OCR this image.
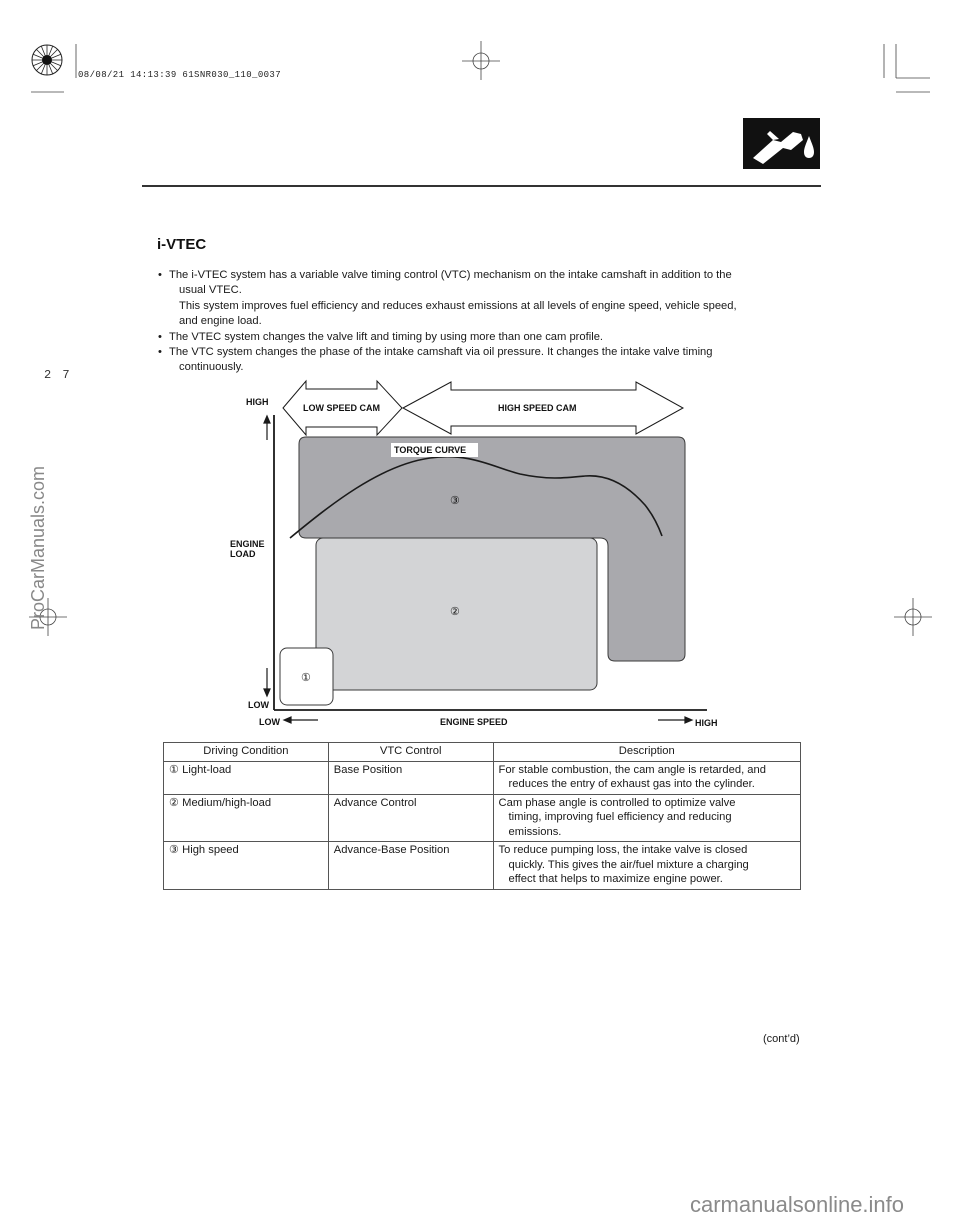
08/08/21 14:13:39 61SNR030_110_0037
2 7
ProCarManuals.com
i-VTEC
• The i-VTEC system has a variable valve timing control (VTC) mechanism on the intake camshaft in addition to the
usual VTEC.
This system improves fuel efficiency and reduces exhaust emissions at all levels of engine speed, vehicle speed,
and engine load.
• The VTEC system changes the valve lift and timing by using more than one cam profile.
• The VTC system changes the phase of the intake camshaft via oil pressure. It changes the intake valve timing
continuously.
HIGH
ENGINE
LOAD
LOW
LOW	ENGINE SPEED	HIGH
LOW SPEED CAM	HIGH SPEED CAM
TORQUE CURVE
③
②
①
Driving Condition	VTC Control	Description
① Light-load	Base Position	For stable combustion, the cam angle is retarded, and
reduces the entry of exhaust gas into the cylinder.

② Medium/high-load	Advance Control	Cam phase angle is controlled to optimize valve
timing, improving fuel efficiency and reducing
emissions.

③ High speed	Advance-Base Position	To reduce pumping loss, the intake valve is closed
quickly. This gives the air/fuel mixture a charging
effect that helps to maximize engine power.
(cont’d)
carmanualsonline.info
